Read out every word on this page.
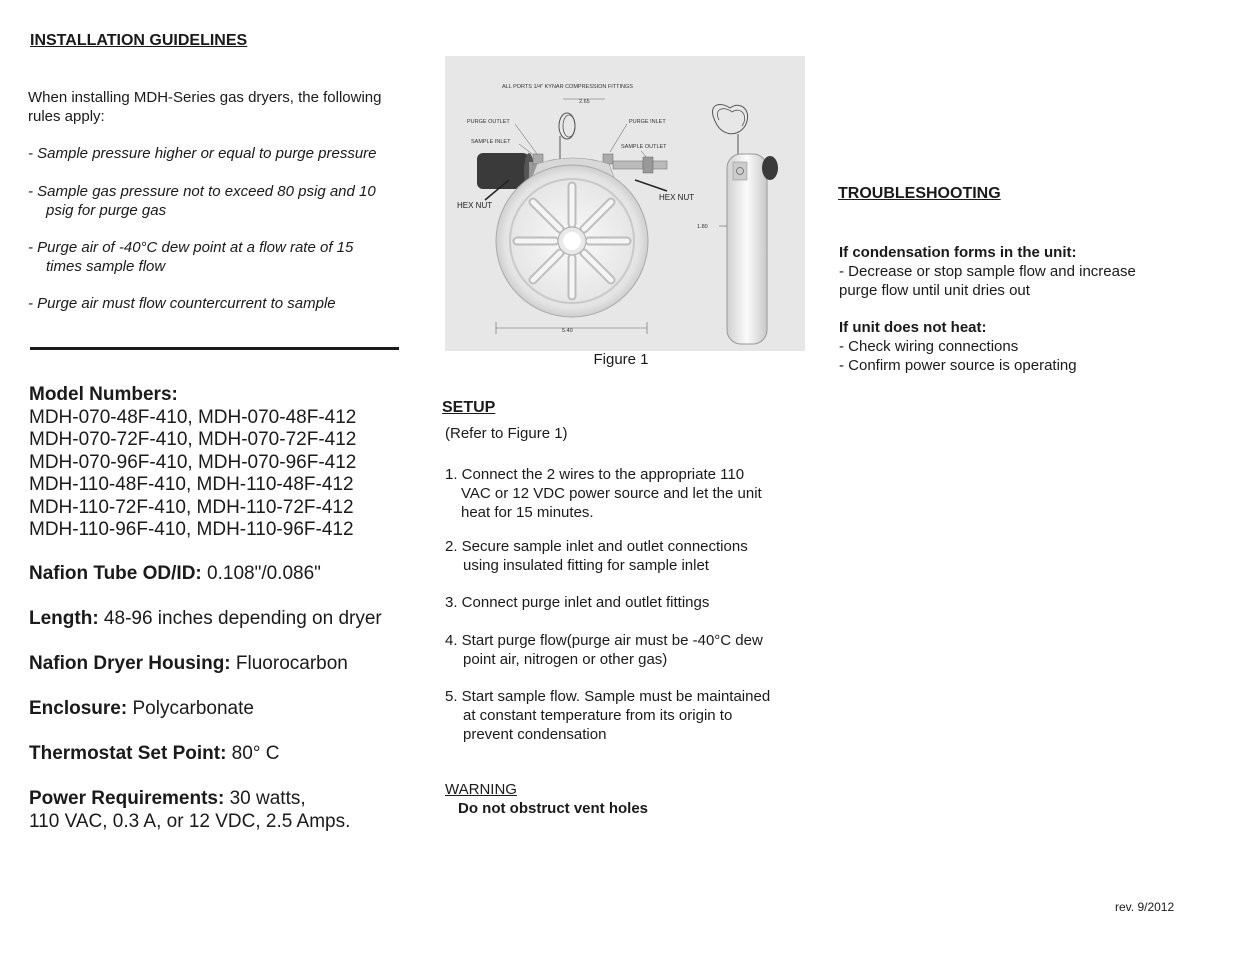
INSTALLATION GUIDELINES
When installing MDH-Series gas dryers, the following
rules apply:
- Sample pressure higher or equal to purge pressure
- Sample gas pressure not to exceed 80 psig and 10
psig for purge gas
- Purge air of -40°C dew point at a flow rate of 15
times sample flow
- Purge air must flow countercurrent to sample
Model Numbers:
MDH-070-48F-410, MDH-070-48F-412
MDH-070-72F-410, MDH-070-72F-412
MDH-070-96F-410, MDH-070-96F-412
MDH-110-48F-410, MDH-110-48F-412
MDH-110-72F-410, MDH-110-72F-412
MDH-110-96F-410, MDH-110-96F-412
Nafion Tube OD/ID: 0.108"/0.086"
Length: 48-96 inches depending on dryer
Nafion Dryer Housing: Fluorocarbon
Enclosure: Polycarbonate
Thermostat Set Point: 80° C
Power Requirements: 30 watts,
110 VAC, 0.3 A, or 12 VDC, 2.5 Amps.
ALL PORTS 1/4" KYNAR COMPRESSION FITTINGS
2.65
PURGE OUTLET
SAMPLE INLET
PURGE INLET
SAMPLE OUTLET
HEX NUT
HEX NUT
5.40
1.80
Figure 1
SETUP
(Refer to Figure 1)
1. Connect the 2 wires to the appropriate 110
VAC or 12 VDC power source and let the unit
heat for 15 minutes.
2. Secure sample inlet and outlet connections
using insulated fitting for sample inlet
3. Connect purge inlet and outlet fittings
4. Start purge flow(purge air must be -40°C dew
point air, nitrogen or other gas)
5. Start sample flow. Sample must be maintained
at constant temperature from its origin to
prevent condensation
WARNING
Do not obstruct vent holes
TROUBLESHOOTING
If condensation forms in the unit:
- Decrease or stop sample flow and increase
purge flow until unit dries out
If unit does not heat:
- Check wiring connections
- Confirm power source is operating
rev. 9/2012
